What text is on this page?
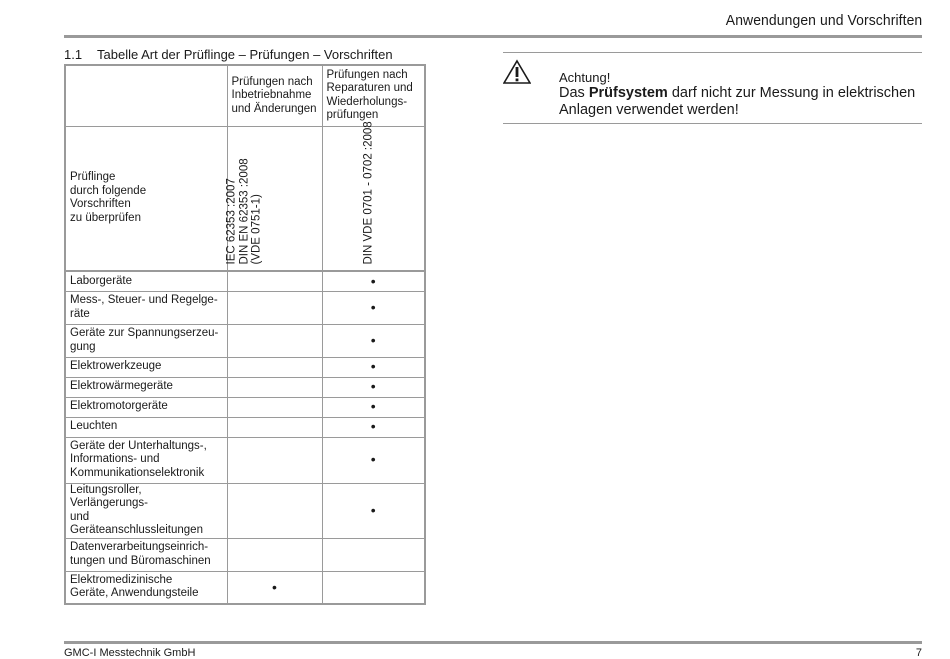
Anwendungen und Vorschriften
1.1 Tabelle Art der Prüflinge – Prüfungen – Vorschriften
	Prüfungen nach
Inbetriebnahme
und Änderungen	Prüfungen nach
Reparaturen und
Wiederholungs-
prüfungen
Prüflinge
durch folgende
Vorschriften
zu überprüfen	IEC 62353 :2007
DIN EN 62353 :2008
(VDE 0751-1)	DIN VDE 0701 - 0702 :2008

Laborgeräte		•
Mess-, Steuer- und Regelge-
räte		•
Geräte zur Spannungserzeu-
gung		•
Elektrowerkzeuge		•
Elektrowärmegeräte		•
Elektromotorgeräte		•
Leuchten		•
Geräte der Unterhaltungs-,
Informations- und
Kommunikationselektronik		•
Leitungsroller, Verlängerungs-
und Geräteanschlussleitungen		•
Datenverarbeitungseinrich-
tungen und Büromaschinen		
Elektromedizinische
Geräte, Anwendungsteile	•	
Achtung!
Das Prüfsystem darf nicht zur Messung in elektrischen Anlagen verwendet werden!
GMC-I Messtechnik GmbH	7
